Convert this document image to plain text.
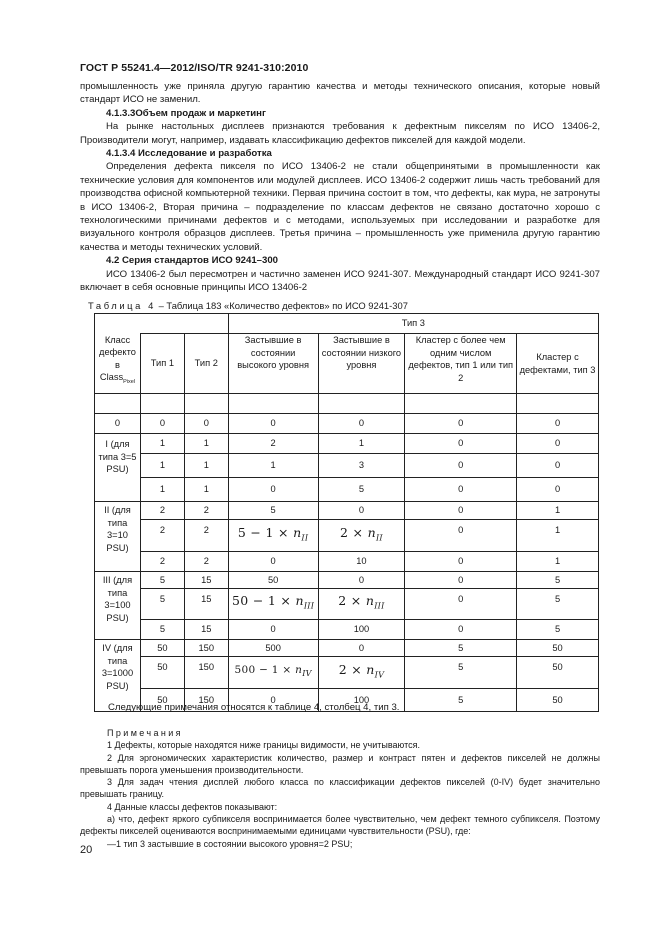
ГОСТ Р 55241.4—2012/ISO/TR 9241-310:2010

промышленность уже приняла другую гарантию качества и методы технического описания, которые новый стандарт ИСО не заменил.

4.1.3.3Объем продаж и маркетинг

На рынке настольных дисплеев признаются требования к дефектным пикселям по ИСО 13406-2, Производители могут, например, издавать классификацию дефектов пикселей для каждой модели.

4.1.3.4 Исследование и разработка

Определения дефекта пикселя по ИСО 13406-2 не стали общепринятыми в промышленности как технические условия для компонентов или модулей дисплеев. ИСО 13406-2 содержит лишь часть требований для производства офисной компьютерной техники. Первая причина состоит в том, что дефекты, как мура, не затронуты в ИСО 13406-2, Вторая причина – подразделение по классам дефектов не связано достаточно хорошо с технологическими причинами дефектов и с методами, используемых при исследовании и разработке для визуального контроля образцов дисплеев. Третья причина – промышленность уже применила другую гарантию качества и методы технических условий.

4.2 Серия стандартов ИСО 9241–300

ИСО 13406-2 был пересмотрен и частично заменен ИСО 9241-307. Международный стандарт ИСО 9241-307 включает в себя основные принципы ИСО 13406-2

Таблица 4 – Таблица 183 «Количество дефектов» по ИСО 9241-307
			Тип 3			
Класс дефекто в Class$_{Pixel}$	Тип 1	Тип 2	Застывшие в состоянии высокого уровня	Застывшие в состоянии низкого уровня	Кластер с более чем одним числом дефектов, тип 1 или тип 2	Кластер с дефектами, тип 3

0	0	0	0	0	0	0
I (для типа 3=5 PSU)	1	1	2	1	0	0
	1	1	1	3	0	0
	1	1	0	5	0	0
II (для типа 3=10 PSU)	2	2	5	0	0	1
	2	2	$5 - 1 \times n_{II}$	$2 \times n_{II}$	0	1
	2	2	0	10	0	1
III (для типа 3=100 PSU)	5	15	50	0	0	5
	5	15	$50 - 1 \times n_{III}$	$2 \times n_{III}$	0	5
	5	15	0	100	0	5
IV (для типа 3=1000 PSU)	50	150	500	0	5	50
	50	150	$500 - 1 \times n_{IV}$	$2 \times n_{IV}$	5	50
	50	150	0	100	5	50
Следующие примечания относятся к таблице 4, столбец 4, тип 3.

Примечания

1 Дефекты, которые находятся ниже границы видимости, не учитываются.

2 Для эргономических характеристик количество, размер и контраст пятен и дефектов пикселей не должны превышать порога уменьшения производительности.

3 Для задач чтения дисплей любого класса по классификации дефектов пикселей (0-IV) будет значительно превышать границу.

4 Данные классы дефектов показывают:

а) что, дефект яркого субпикселя воспринимается более чувствительно, чем дефект темного субпикселя. Поэтому дефекты пикселей оцениваются воспринимаемыми единицами чувствительности (PSU), где:

—1 тип 3 застывшие в состоянии высокого уровня=2 PSU;

20
